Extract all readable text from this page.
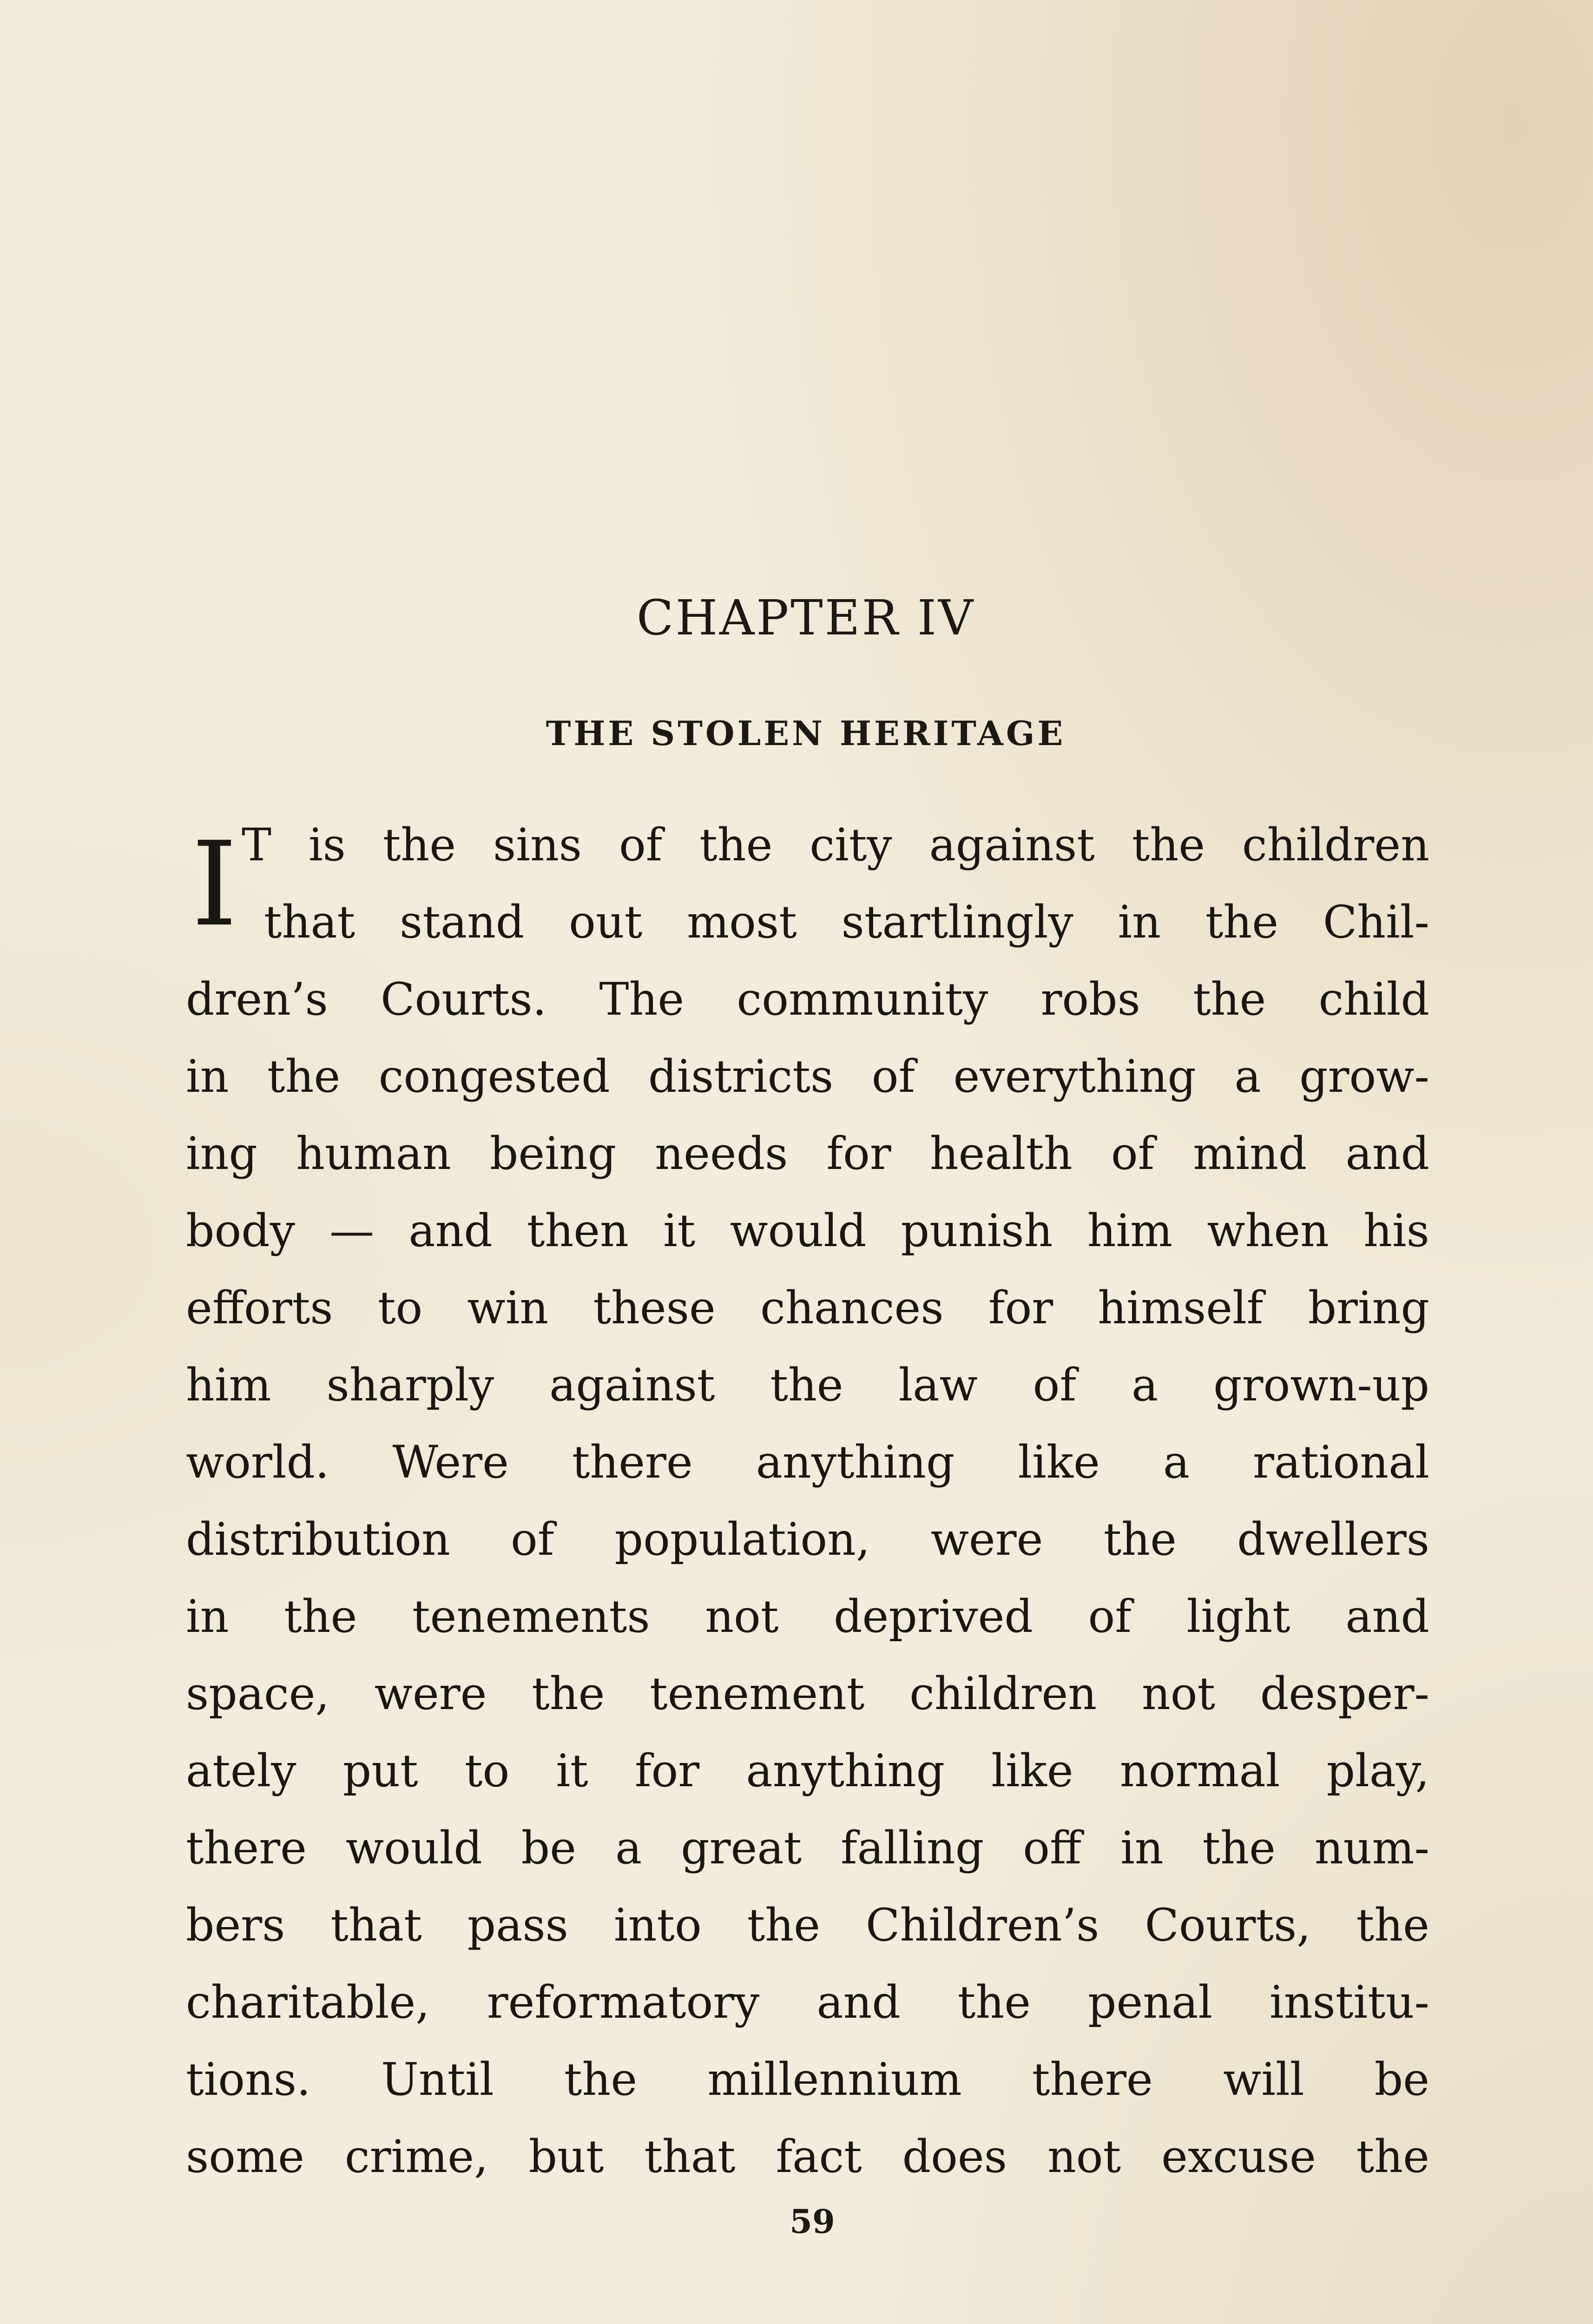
CHAPTER IV
THE STOLEN HERITAGE
I T is the sins of the city against the children
that stand out most startlingly in the Chil-
dren’s Courts. The community robs the child
in the congested districts of everything a grow-
ing human being needs for health of mind and
body — and then it would punish him when his
efforts to win these chances for himself bring
him sharply against the law of a grown-up
world. Were there anything like a rational
distribution of population, were the dwellers
in the tenements not deprived of light and
space, were the tenement children not desper-
ately put to it for anything like normal play,
there would be a great falling off in the num-
bers that pass into the Children’s Courts, the
charitable, reformatory and the penal institu-
tions. Until the millennium there will be
some crime, but that fact does not excuse the
59
